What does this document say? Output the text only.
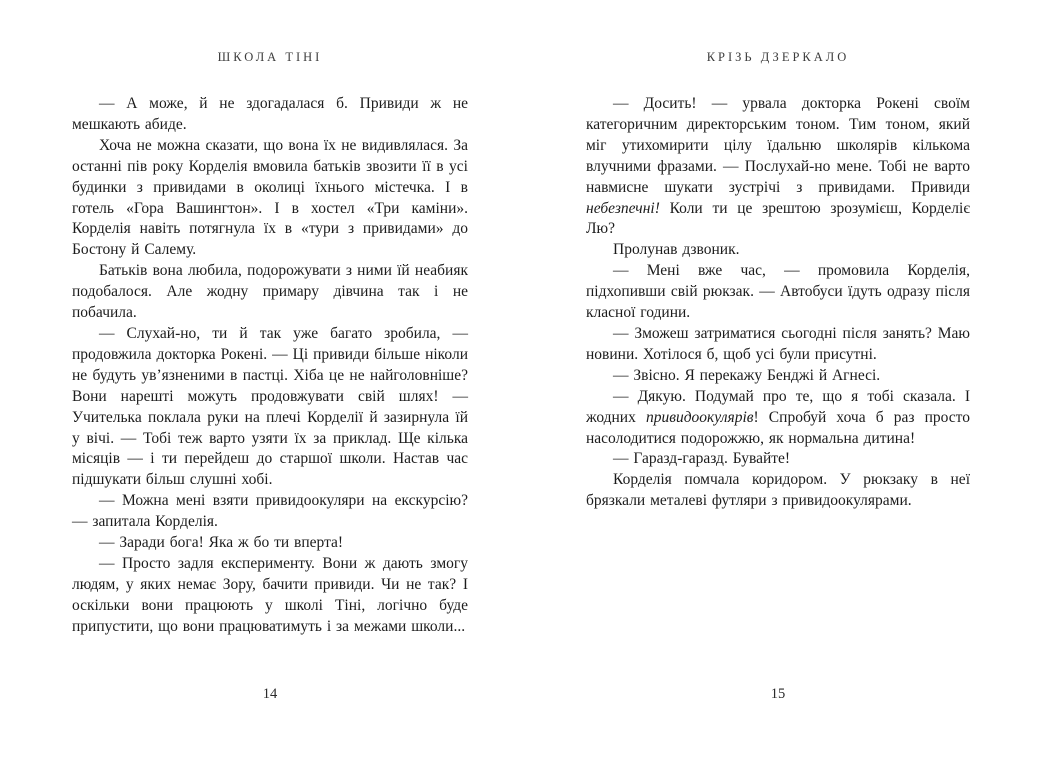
ШКОЛА ТІНІ

— А може, й не здогадалася б. Привиди ж не мешкають абиде.

Хоча не можна сказати, що вона їх не видивлялася. За останні пів року Корделія вмовила батьків звозити її в усі будинки з привидами в околиці їхнього містечка. І в готель «Гора Вашингтон». І в хостел «Три каміни». Корделія навіть потягнула їх в «тури з привидами» до Бостону й Салему.

Батьків вона любила, подорожувати з ними їй неабияк подобалося. Але жодну примару дівчина так і не побачила.

— Слухай-но, ти й так уже багато зробила, — продовжила докторка Рокені. — Ці привиди більше ніколи не будуть ув’язненими в пастці. Хіба це не найголовніше? Вони нарешті можуть продовжувати свій шлях! — Учителька поклала руки на плечі Корделії й зазирнула їй у вічі. — Тобі теж варто узяти їх за приклад. Ще кілька місяців — і ти перейдеш до старшої школи. Настав час підшукати більш слушні хобі.

— Можна мені взяти привидоокуляри на екскурсію? — запитала Корделія.

— Заради бога! Яка ж бо ти вперта!

— Просто задля експерименту. Вони ж дають змогу людям, у яких немає Зору, бачити привиди. Чи не так? І оскільки вони працюють у школі Тіні, логічно буде припустити, що вони працюватимуть і за межами школи...

14
КРІЗЬ ДЗЕРКАЛО

— Досить! — урвала докторка Рокені своїм категоричним директорським тоном. Тим тоном, який міг утихомирити цілу їдальню школярів кількома влучними фразами. — Послухай-но мене. Тобі не варто навмисне шукати зустрічі з привидами. Привиди небезпечні! Коли ти це зрештою зрозумієш, Корделіє Лю?

Пролунав дзвоник.

— Мені вже час, — промовила Корделія, підхопивши свій рюкзак. — Автобуси їдуть одразу після класної години.

— Зможеш затриматися сьогодні після занять? Маю новини. Хотілося б, щоб усі були присутні.

— Звісно. Я перекажу Бенджі й Агнесі.

— Дякую. Подумай про те, що я тобі сказала. І жодних привидоокулярів! Спробуй хоча б раз просто насолодитися подорожжю, як нормальна дитина!

— Гаразд-гаразд. Бувайте!

Корделія помчала коридором. У рюкзаку в неї брязкали металеві футляри з привидоокулярами.

15
